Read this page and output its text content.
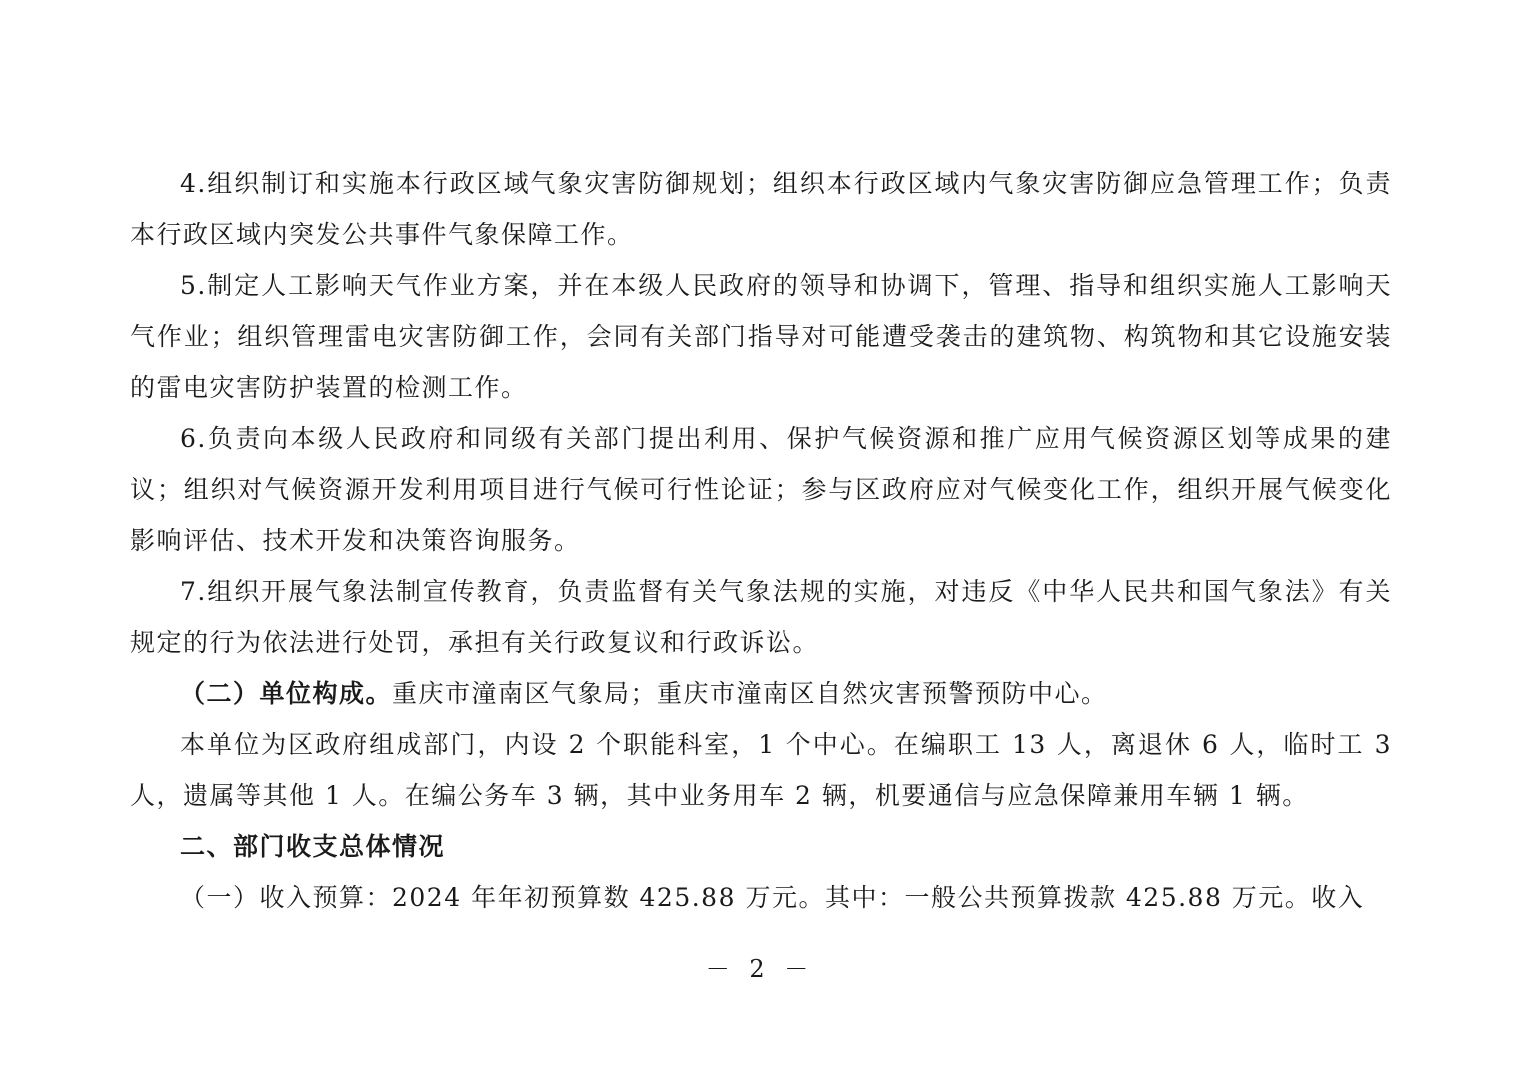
4.组织制订和实施本行政区域气象灾害防御规划；组织本行政区域内气象灾害防御应急管理工作；负责本行政区域内突发公共事件气象保障工作。

5.制定人工影响天气作业方案，并在本级人民政府的领导和协调下，管理、指导和组织实施人工影响天气作业；组织管理雷电灾害防御工作，会同有关部门指导对可能遭受袭击的建筑物、构筑物和其它设施安装的雷电灾害防护装置的检测工作。

6.负责向本级人民政府和同级有关部门提出利用、保护气候资源和推广应用气候资源区划等成果的建议；组织对气候资源开发利用项目进行气候可行性论证；参与区政府应对气候变化工作，组织开展气候变化影响评估、技术开发和决策咨询服务。

7.组织开展气象法制宣传教育，负责监督有关气象法规的实施，对违反《中华人民共和国气象法》有关规定的行为依法进行处罚，承担有关行政复议和行政诉讼。

（二）单位构成。重庆市潼南区气象局；重庆市潼南区自然灾害预警预防中心。

本单位为区政府组成部门，内设 2 个职能科室，1 个中心。在编职工 13 人，离退休 6 人，临时工 3 人，遗属等其他 1 人。在编公务车 3 辆，其中业务用车 2 辆，机要通信与应急保障兼用车辆 1 辆。

二、部门收支总体情况

（一）收入预算：2024 年年初预算数 425.88 万元。其中：一般公共预算拨款 425.88 万元。收入

－ 2 －
